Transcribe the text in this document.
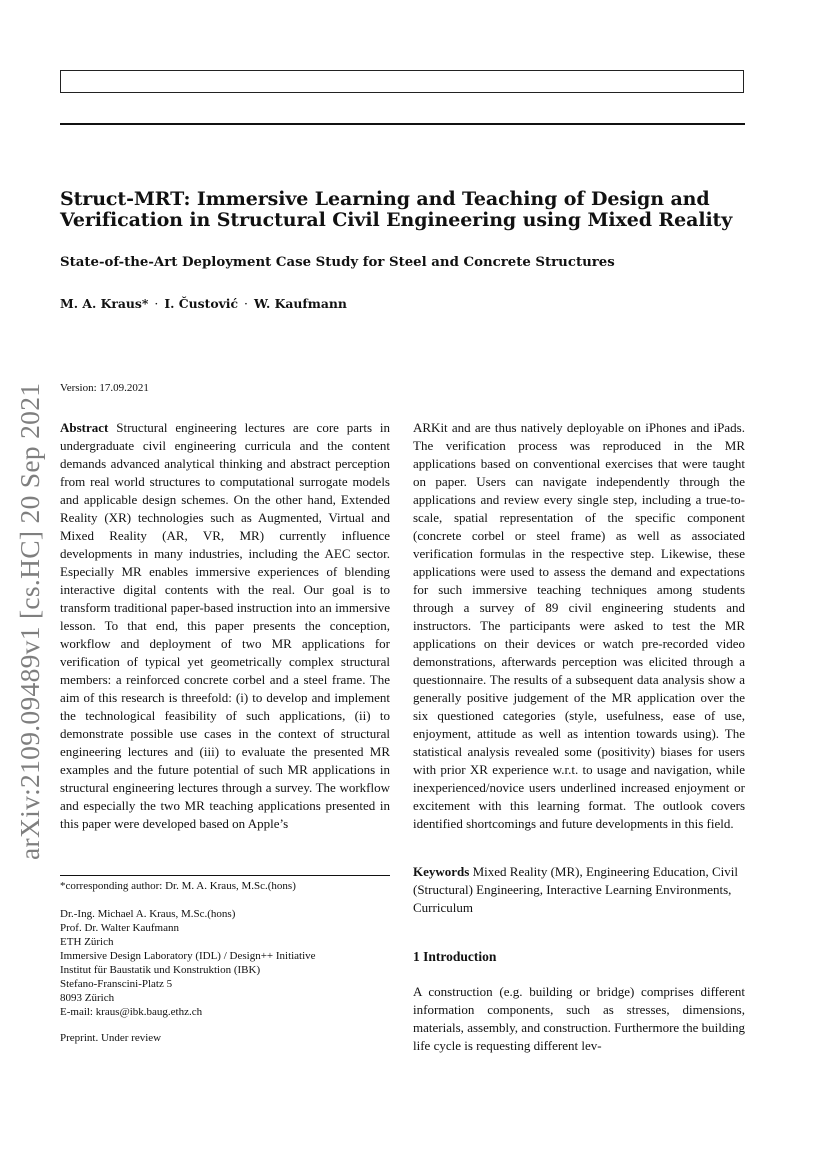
Struct-MRT: Immersive Learning and Teaching of Design and Verification in Structural Civil Engineering using Mixed Reality
State-of-the-Art Deployment Case Study for Steel and Concrete Structures
M. A. Kraus* · I. Čustović · W. Kaufmann
arXiv:2109.09489v1 [cs.HC] 20 Sep 2021 Version: 17.09.2021

Abstract Structural engineering lectures are core parts in undergraduate civil engineering curricula and the content demands advanced analytical thinking and abstract perception from real world structures to computational surrogate models and applicable design schemes. On the other hand, Extended Reality (XR) technologies such as Augmented, Virtual and Mixed Reality (AR, VR, MR) currently influence developments in many industries, including the AEC sector. Especially MR enables immersive experiences of blending interactive digital contents with the real. Our goal is to transform traditional paper-based instruction into an immersive lesson. To that end, this paper presents the conception, workflow and deployment of two MR applications for verification of typical yet geometrically complex structural members: a reinforced concrete corbel and a steel frame. The aim of this research is threefold: (i) to develop and implement the technological feasibility of such applications, (ii) to demonstrate possible use cases in the context of structural engineering lectures and (iii) to evaluate the presented MR examples and the future potential of such MR applications in structural engineering lectures through a survey. The workflow and especially the two MR teaching applications presented in this paper were developed based on Apple’s

ARKit and are thus natively deployable on iPhones and iPads. The verification process was reproduced in the MR applications based on conventional exercises that were taught on paper. Users can navigate independently through the applications and review every single step, including a true-to-scale, spatial representation of the specific component (concrete corbel or steel frame) as well as associated verification formulas in the respective step. Likewise, these applications were used to assess the demand and expectations for such immersive teaching techniques among students through a survey of 89 civil engineering students and instructors. The participants were asked to test the MR applications on their devices or watch pre-recorded video demonstrations, afterwards perception was elicited through a questionnaire. The results of a subsequent data analysis show a generally positive judgement of the MR application over the six questioned categories (style, usefulness, ease of use, enjoyment, attitude as well as intention towards using). The statistical analysis revealed some (positivity) biases for users with prior XR experience w.r.t. to usage and navigation, while inexperienced/novice users underlined increased enjoyment or excitement with this learning format. The outlook covers identified shortcomings and future developments in this field.

Keywords Mixed Reality (MR), Engineering Education, Civil (Structural) Engineering, Interactive Learning Environments, Curriculum
1 Introduction
A construction (e.g. building or bridge) comprises different information components, such as stresses, dimensions, materials, assembly, and construction. Furthermore the building life cycle is requesting different lev-
*corresponding author: Dr. M. A. Kraus, M.Sc.(hons)
Dr.-Ing. Michael A. Kraus, M.Sc.(hons)
Prof. Dr. Walter Kaufmann
ETH Zürich
Immersive Design Laboratory (IDL) / Design++ Initiative
Institut für Baustatik und Konstruktion (IBK)
Stefano-Franscini-Platz 5
8093 Zürich
E-mail: kraus@ibk.baug.ethz.ch
Preprint. Under review
